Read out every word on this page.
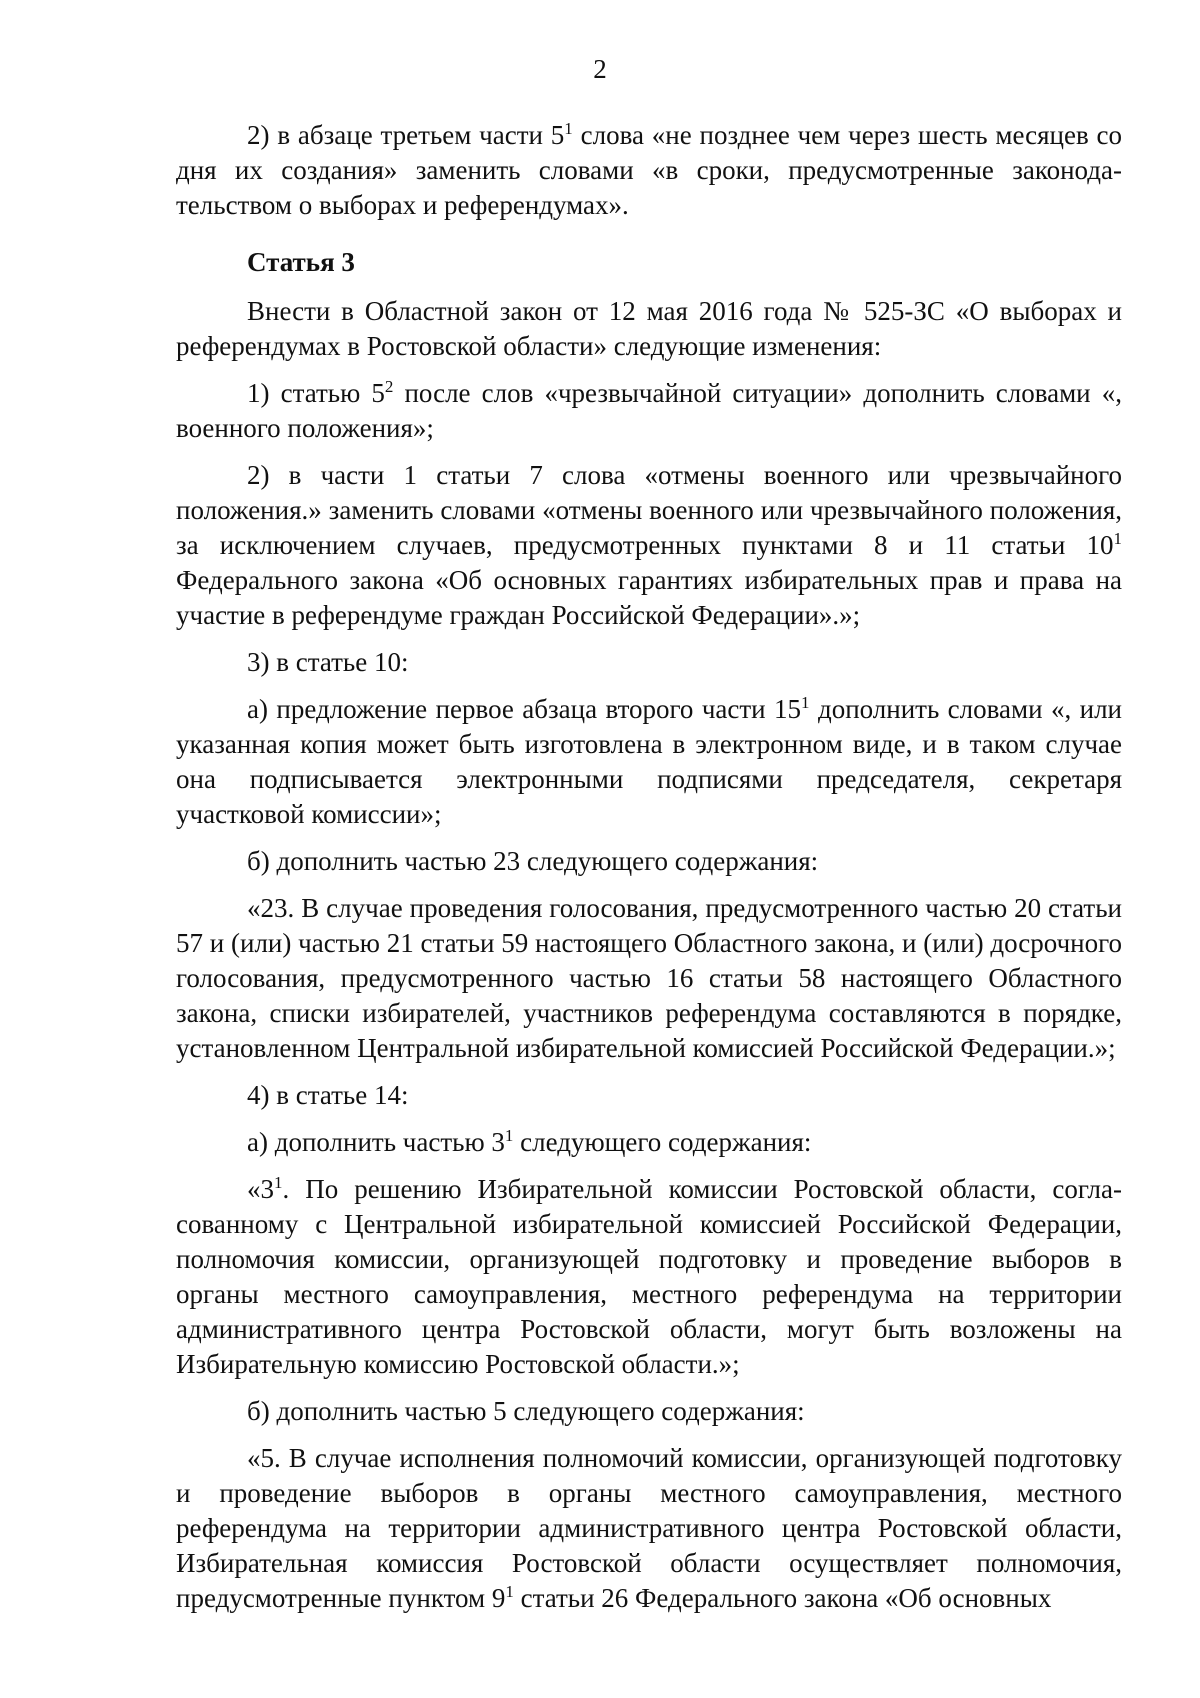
2

2) в абзаце третьем части $5^1$ слова «не позднее чем через шесть месяцев со дня их создания» заменить словами «в сроки, предусмотренные законодательством о выборах и референдумах».

Статья 3

Внести в Областной закон от 12 мая 2016 года № 525-ЗС «О выборах и референдумах в Ростовской области» следующие изменения:

1) статью $5^2$ после слов «чрезвычайной ситуации» дополнить словами «, военного положения»;

2) в части 1 статьи 7 слова «отмены военного или чрезвычайного положения.» заменить словами «отмены военного или чрезвычайного положения, за исключением случаев, предусмотренных пунктами 8 и 11 статьи $10^1$ Федерального закона «Об основных гарантиях избирательных прав и права на участие в референдуме граждан Российской Федерации».»;

3) в статье 10:

а) предложение первое абзаца второго части $15^1$ дополнить словами «, или указанная копия может быть изготовлена в электронном виде, и в таком случае она подписывается электронными подписями председателя, секретаря участковой комиссии»;

б) дополнить частью 23 следующего содержания:

«23. В случае проведения голосования, предусмотренного частью 20 статьи 57 и (или) частью 21 статьи 59 настоящего Областного закона, и (или) досрочного голосования, предусмотренного частью 16 статьи 58 настоящего Областного закона, списки избирателей, участников референдума составляются в порядке, установленном Центральной избирательной комиссией Российской Федерации.»;

4) в статье 14:

а) дополнить частью $3^1$ следующего содержания:

«$3^1$. По решению Избирательной комиссии Ростовской области, согласованному с Центральной избирательной комиссией Российской Федерации, полномочия комиссии, организующей подготовку и проведение выборов в органы местного самоуправления, местного референдума на территории административного центра Ростовской области, могут быть возложены на Избирательную комиссию Ростовской области.»;

б) дополнить частью 5 следующего содержания:

«5. В случае исполнения полномочий комиссии, организующей подготовку и проведение выборов в органы местного самоуправления, местного референдума на территории административного центра Ростовской области, Избирательная комиссия Ростовской области осуществляет полномочия, предусмотренные пунктом $9^1$ статьи 26 Федерального закона «Об основных
